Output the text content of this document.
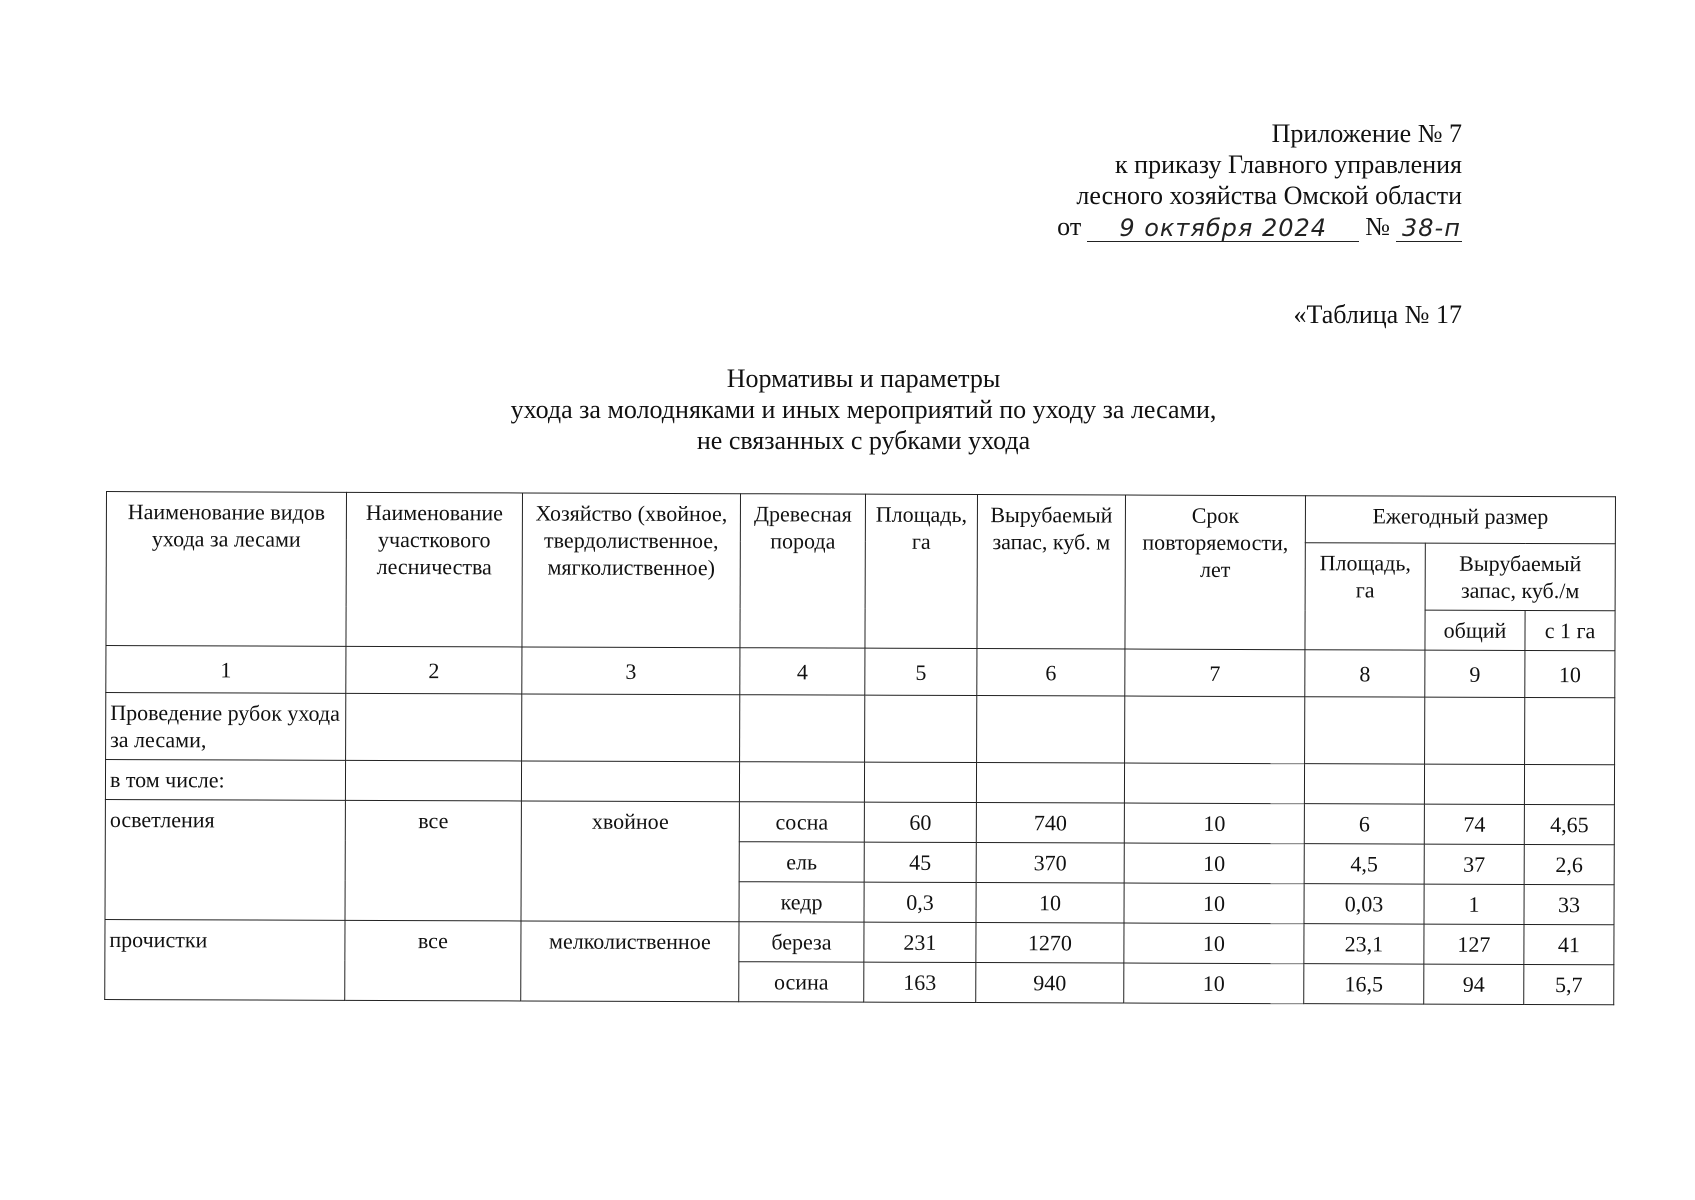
Приложение № 7
к приказу Главного управления
лесного хозяйства Омской области
от	9 октября 2024	№ 38-п
«Таблица № 17
Нормативы и параметры
ухода за молодняками и иных мероприятий по уходу за лесами,
не связанных с рубками ухода
Наименование видов ухода за лесами	Наименование участкового лесничества	Хозяйство (хвойное, твердолиственное, мягколиственное)	Древесная порода	Площадь, га	Вырубаемый запас, куб. м	Срок повторяемости, лет	Ежегодный размер		
							Площадь, га	Вырубаемый запас, куб./м	
								общий	с 1 га
1	2	3	4	5	6	7	8	9	10
Проведение рубок ухода за лесами,									
в том числе:									
осветления	все	хвойное	сосна	60	740	10	6	74	4,65
			ель	45	370	10	4,5	37	2,6
			кедр	0,3	10	10	0,03	1	33
прочистки	все	мелколиственное	береза	231	1270	10	23,1	127	41
			осина	163	940	10	16,5	94	5,7
